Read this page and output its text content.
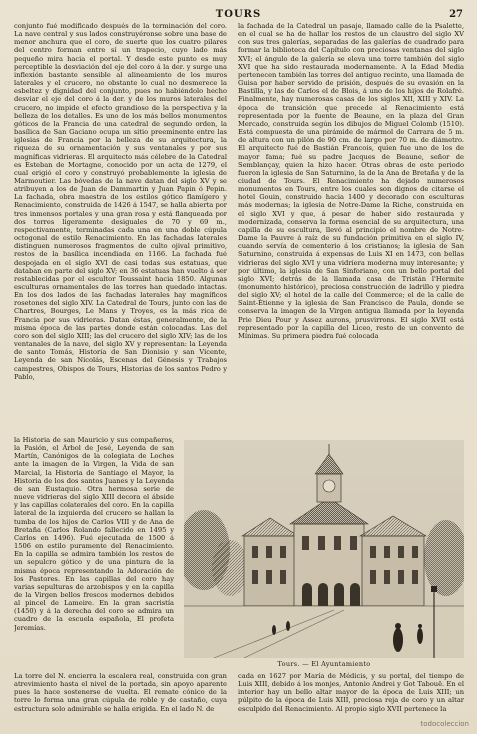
TOURS	27

conjunto fué modificado después de la terminación del coro. La nave central y sus lados construyéronse sobre una base de menor anchura que el coro, de suerte que los cuatro pilares del centro forman entre sí un trapecio, cuyo lado más pequeño mira hacia el portal. Y desde este punto es muy perceptible la desviación del eje del coro á la der. y surge una inflexión bastante sensible al alineamiento de los muros laterales y el crucero, no obstante lo cual no desmerece la esbeltez y dignidad del conjunto, pues no habiéndolo hecho desviar el eje del coro á la der. y de los muros laterales del crucero, no impide el efecto grandioso de la perspectiva y la belleza de los detalles. Es uno de los más bellos monumentos góticos de la Francia de una catedral de segundo orden, la basílica de San Gaciano ocupa un sitio preeminente entre las iglesias de Francia por la belleza de su arquitectura, la riqueza de su ornamentación y sus ventanales y por sus magníficas vidrieras. El arquitecto más célebre de la Catedral es Esteban de Mortagne, conocido por un acta de 1279, el cual erigió el coro y construyó probablemente la iglesia de Marmoutier. Las bóvedas de la nave datan del siglo XV y se atribuyen a los de Juan de Dammartin y Juan Papin ó Pepin. La fachada, obra maestra de los estilos gótico flamígero y Renacimiento, construida de 1426 á 1547, se halla abierta por tres inmensos portales y una gran rosa y está flanqueada por dos torres ligeramente desiguales de 70 y 69 m., respectivamente, terminadas cada una en una doble cúpula octogonal de estilo Renacimiento. En las fachadas laterales distinguen numerosos fragmentos de culto ojival primitivo, restos de la basílica incendiada en 1166. La fachada fué despojada en el siglo XVI de casi todas sus estatuas, que databan en parte del siglo XV; en 36 estatuas han vuelto á ser restablecidas por el escultor Toussaint hacia 1850. Algunas esculturas ornamentales de las torres han quedado intactas. En los dos lados de las fachadas laterales hay magníficos rosetones del siglo XIV. La Catedral de Tours, junto con las de Chartres, Bourges, Le Mans y Troyes, es la más rica de Francia por sus vidrieras. Datan éstas, generalmente, de la misma época de las partes donde están colocadas. Las del coro son del siglo XIII; las del crucero del siglo XIV; las de los ventanales de la nave, del siglo XV y representan: la Leyenda de santo Tomás, Historia de San Dionisio y san Vicente, Leyenda de san Nicolás, Escenas del Génesis y Trabajos campestres, Obispos de Tours, Historias de los santos Pedro y Pablo,

la fachada de la Catedral un pasaje, llamado calle de la Psalette, en el cual se ha de hallar los restos de un claustro del siglo XV con sus tres galerías, separadas de las galerías de cuadrado para formar la biblioteca del Capítulo con preciosas ventanas del siglo XVI; el ángulo de la galería se eleva una torre también del siglo XVI que ha sido restaurada modernamente. A la Edad Media pertenecen también las torres del antiguo recinto, una llamada de Guisa por haber servido de prisión, después de su evasión en la Bastilla, y las de Carlos el de Blois, á uno de los hijos de Rolafré. Finalmente, hay numerosas casas de los siglos XII, XIII y XIV. La época de transición que precede al Renacimiento está representada por la fuente de Beaune, en la plaza del Gran Mercado, construida según los dibujos de Miguel Colomb (1510). Está compuesta de una pirámide de mármol de Carrara de 5 m. de altura con un pilón de 90 cm. de largo por 70 m. de diámetro. El arquitecto fué de Bastián Francois, quien fue uno de los de mayor fama; fué su padre Jacques de Beaune, señor de Semblançay, quien la hizo hacer. Otras obras de este periodo fueron la iglesia de San Saturnino, la de la Ana de Bretaña y de la ciudad de Tours. El Renacimiento ha dejado numerosos monumentos en Tours, entre los cuales son dignos de citarse el hotel Gouin, construido hacia 1400 y decorado con esculturas más modernas; la iglesia de Notre-Dame la Riche, construida en el siglo XVI y que, á pesar de haber sido restaurada y modernizada, conserva la forma esencial de su arquitectura, una capilla de su escultura, llevó al principio el nombre de Notre-Dame la Pauvre á raíz de su fundación primitiva en el siglo IV, cuando servía de cementerio á los cristianos; la iglesia de San Saturnino, construida á expensas de Luis XI en 1473, con bellas vidrieras del siglo XVI y una vidriera moderna muy interesante; y por último, la iglesia de San Sinforiano, con un bello portal del siglo XVI; detrás de la llamada casa de Tristán l'Hermite (monumento histórico), preciosa construcción de ladrillo y piedra del siglo XV; el hotel de la calle del Commerce; el de la calle de Saint-Étienne y la iglesia de San Francisco de Paula, donde se conserva la imagen de la Virgen antigua llamada por la leyenda Prie Dieu Pour y Assez aurons, prusvirrons. El siglo XVII está representado por la capilla del Liceo, resto de un convento de Mínimas. Su primera piedra fué colocada

la Historia de san Mauricio y sus compañeros, la Pasión, el Árbol de Jesé, Leyenda de san Martín, Canónigos de la colegiata de Loches ante la imagen de la Virgen, la Vida de san Marcial, la Historia de Santiago el Mayor, la Historia de los dos santos Juanes y la Leyenda de san Eustaquio. Otra hermosa serie de nueve vidrieras del siglo XIII decora el ábside y las capillas colaterales del coro. En la capilla lateral de la izquierda del crucero se hallan la tumba de los hijos de Carlos VIII y de Ana de Bretaña (Carlos Rolando fallecido en 1495 y Carlos en 1496). Fué ejecutada de 1500 á 1506 en estilo puramente del Renacimiento. En la capilla se admira también los restos de un sepulcro gótico y de una pintura de la misma época representando la Adoración de los Pastores. En las capillas del coro hay varias sepulturas de arzobispos y en la capilla de la Virgen bellos frescos modernos debidos al pincel de Lameire. En la gran sacristía (1450) y á la derecha del coro se admira un cuadro de la escuela española, El profeta Jeremías.

Tours. — El Ayuntamiento

La torre del N. encierra la escalera real, construida con gran atrevimiento hasta el nivel de la portada, sin apoyo aparente pues la hace sostenerse de vuelta. El remate cónico de la torre lo forma una gran cúpula de roble y de castaño, cuya estructura solo admirable se halla erigida. En el lado N. de

cada en 1627 por María de Médicis, y su portal, del tiempo de Luis XIII, debido á los monjes, Antonio Andrei y Got Tabouë. En el interior hay un bello altar mayor de la época de Luis XIII; un púlpito de la época de Luis XIII, preciosa reja de coro y un altar esculpido del Renacimiento. Al propio siglo XVII pertenece la

todocoleccion
